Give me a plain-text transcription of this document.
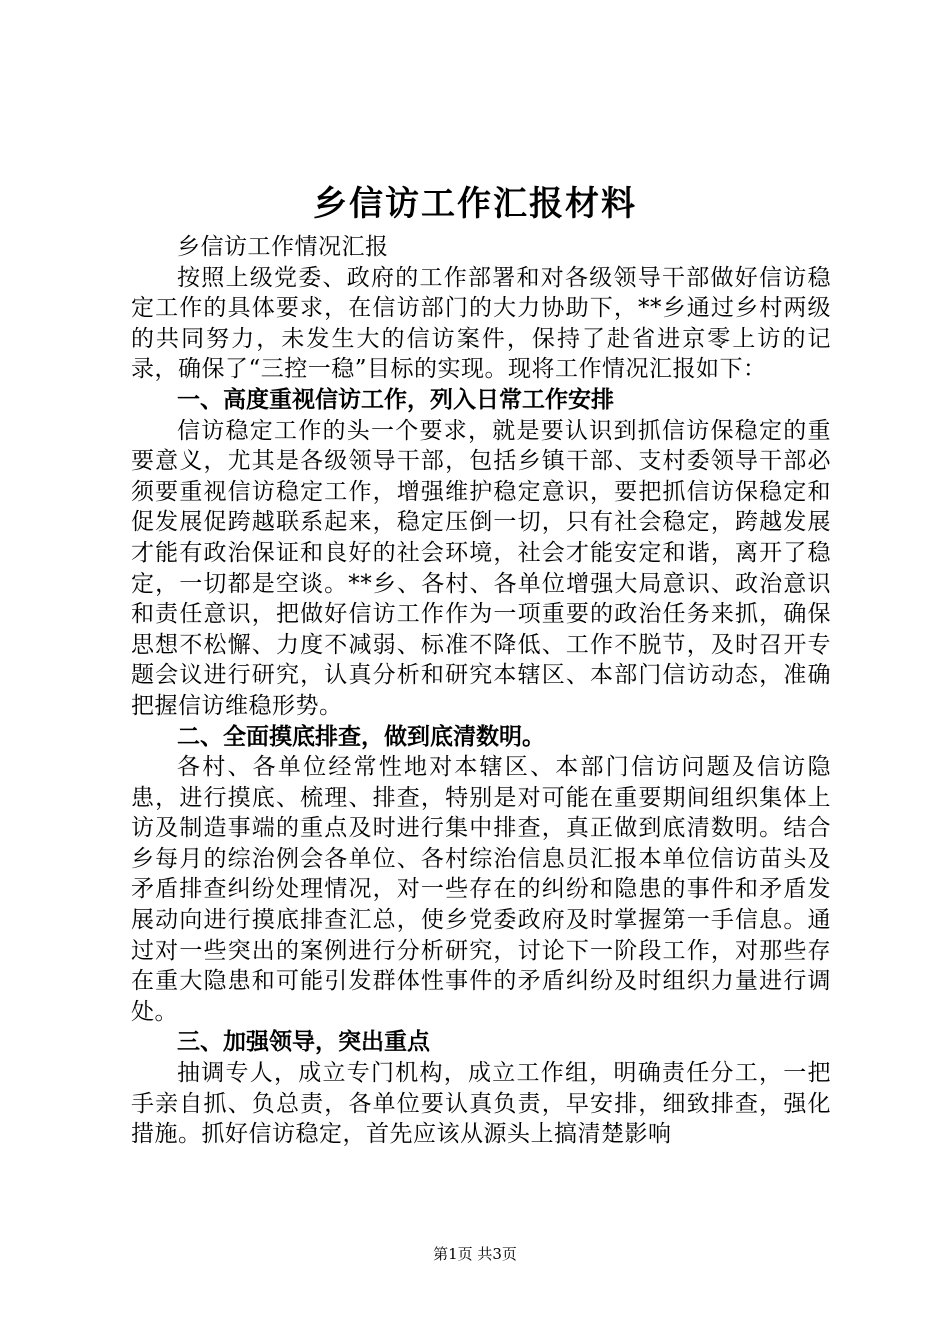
乡信访工作汇报材料

乡信访工作情况汇报

按照上级党委、政府的工作部署和对各级领导干部做好信访稳定工作的具体要求，在信访部门的大力协助下，**乡通过乡村两级的共同努力，未发生大的信访案件，保持了赴省进京零上访的记录，确保了“三控一稳”目标的实现。现将工作情况汇报如下：

一、高度重视信访工作，列入日常工作安排

信访稳定工作的头一个要求，就是要认识到抓信访保稳定的重要意义，尤其是各级领导干部，包括乡镇干部、支村委领导干部必须要重视信访稳定工作，增强维护稳定意识，要把抓信访保稳定和促发展促跨越联系起来，稳定压倒一切，只有社会稳定，跨越发展才能有政治保证和良好的社会环境，社会才能安定和谐，离开了稳定，一切都是空谈。**乡、各村、各单位增强大局意识、政治意识和责任意识，把做好信访工作作为一项重要的政治任务来抓，确保思想不松懈、力度不减弱、标准不降低、工作不脱节，及时召开专题会议进行研究，认真分析和研究本辖区、本部门信访动态，准确把握信访维稳形势。

二、全面摸底排查，做到底清数明。

各村、各单位经常性地对本辖区、本部门信访问题及信访隐患，进行摸底、梳理、排查，特别是对可能在重要期间组织集体上访及制造事端的重点及时进行集中排查，真正做到底清数明。结合乡每月的综治例会各单位、各村综治信息员汇报本单位信访苗头及矛盾排查纠纷处理情况，对一些存在的纠纷和隐患的事件和矛盾发展动向进行摸底排查汇总，使乡党委政府及时掌握第一手信息。通过对一些突出的案例进行分析研究，讨论下一阶段工作，对那些存在重大隐患和可能引发群体性事件的矛盾纠纷及时组织力量进行调处。

三、加强领导，突出重点

抽调专人，成立专门机构，成立工作组，明确责任分工，一把手亲自抓、负总责，各单位要认真负责，早安排，细致排查，强化措施。抓好信访稳定，首先应该从源头上搞清楚影响

第1页 共3页
